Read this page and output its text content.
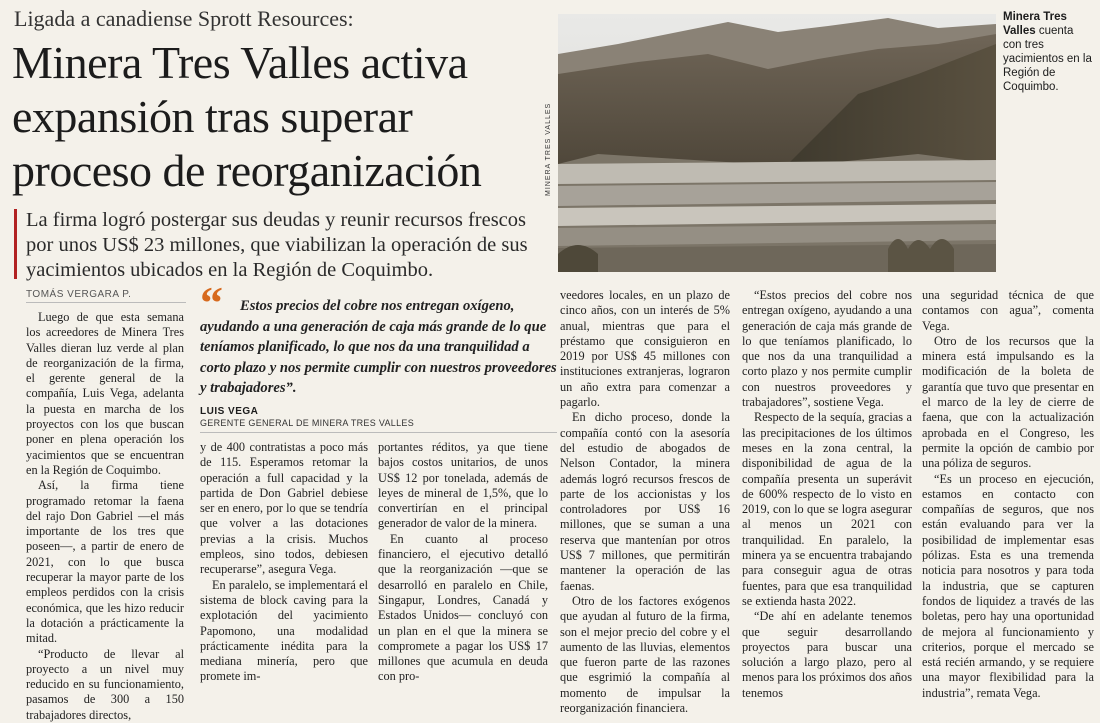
Ligada a canadiense Sprott Resources:
Minera Tres Valles activa expansión tras superar proceso de reorganización
La firma logró postergar sus deudas y reunir recursos frescos por unos US$ 23 millones, que viabilizan la operación de sus yacimientos ubicados en la Región de Coquimbo.
MINERA TRES VALLES
Minera Tres Valles cuenta con tres yacimientos en la Región de Coquimbo.
TOMÁS VERGARA P.

Luego de que esta semana los acreedores de Minera Tres Valles dieran luz verde al plan de reorganización de la firma, el gerente general de la compañía, Luis Vega, adelanta la puesta en marcha de los proyectos con los que buscan poner en plena operación los yacimientos que se encuentran en la Región de Coquimbo.

Así, la firma tiene programado retomar la faena del rajo Don Gabriel —el más importante de los tres que poseen—, a partir de enero de 2021, con lo que busca recuperar la mayor parte de los empleos perdidos con la crisis económica, que les hizo reducir la dotación a prácticamente la mitad.

“Producto de llevar al proyecto a un nivel muy reducido en su funcionamiento, pasamos de 300 a 150 trabajadores directos,

“	Estos precios del cobre nos entregan oxígeno, ayudando a una generación de caja más grande de lo que teníamos planificado, lo que nos da una tranquilidad a corto plazo y nos permite cumplir con nuestros proveedores y trabajadores”.
LUIS VEGA
GERENTE GENERAL DE MINERA TRES VALLES

y de 400 contratistas a poco más de 115. Esperamos retomar la operación a full capacidad y la partida de Don Gabriel debiese ser en enero, por lo que se tendría que volver a las dotaciones previas a la crisis. Muchos empleos, sino todos, debiesen recuperarse”, asegura Vega.

En paralelo, se implementará el sistema de block caving para la explotación del yacimiento Papomono, una modalidad prácticamente inédita para la mediana minería, pero que promete im-

portantes réditos, ya que tiene bajos costos unitarios, de unos US$ 12 por tonelada, además de leyes de mineral de 1,5%, que lo convertirían en el principal generador de valor de la minera.

En cuanto al proceso financiero, el ejecutivo detalló que la reorganización —que se desarrolló en paralelo en Chile, Singapur, Londres, Canadá y Estados Unidos— concluyó con un plan en el que la minera se compromete a pagar los US$ 17 millones que acumula en deuda con pro-

veedores locales, en un plazo de cinco años, con un interés de 5% anual, mientras que para el préstamo que consiguieron en 2019 por US$ 45 millones con instituciones extranjeras, lograron un año extra para comenzar a pagarlo.

En dicho proceso, donde la compañía contó con la asesoría del estudio de abogados de Nelson Contador, la minera además logró recursos frescos de parte de los accionistas y los controladores por US$ 16 millones, que se suman a una reserva que mantenían por otros US$ 7 millones, que permitirán mantener la operación de las faenas.

Otro de los factores exógenos que ayudan al futuro de la firma, son el mejor precio del cobre y el aumento de las lluvias, elementos que fueron parte de las razones que esgrimió la compañía al momento de impulsar la reorganización financiera.

“Estos precios del cobre nos entregan oxígeno, ayudando a una generación de caja más grande de lo que teníamos planificado, lo que nos da una tranquilidad a corto plazo y nos permite cumplir con nuestros proveedores y trabajadores”, sostiene Vega.

Respecto de la sequía, gracias a las precipitaciones de los últimos meses en la zona central, la disponibilidad de agua de la compañía presenta un superávit de 600% respecto de lo visto en 2019, con lo que se logra asegurar al menos un 2021 con tranquilidad. En paralelo, la minera ya se encuentra trabajando para conseguir agua de otras fuentes, para que esa tranquilidad se extienda hasta 2022.

“De ahí en adelante tenemos que seguir desarrollando proyectos para buscar una solución a largo plazo, pero al menos para los próximos dos años tenemos

una seguridad técnica de que contamos con agua”, comenta Vega.

Otro de los recursos que la minera está impulsando es la modificación de la boleta de garantía que tuvo que presentar en el marco de la ley de cierre de faena, que con la actualización aprobada en el Congreso, les permite la opción de cambio por una póliza de seguros.

“Es un proceso en ejecución, estamos en contacto con compañías de seguros, que nos están evaluando para ver la posibilidad de implementar esas pólizas. Esta es una tremenda noticia para nosotros y para toda la industria, que se capturen fondos de liquidez a través de las boletas, pero hay una oportunidad de mejora al funcionamiento y criterios, porque el mercado se está recién armando, y se requiere una mayor flexibilidad para la industria”, remata Vega.
